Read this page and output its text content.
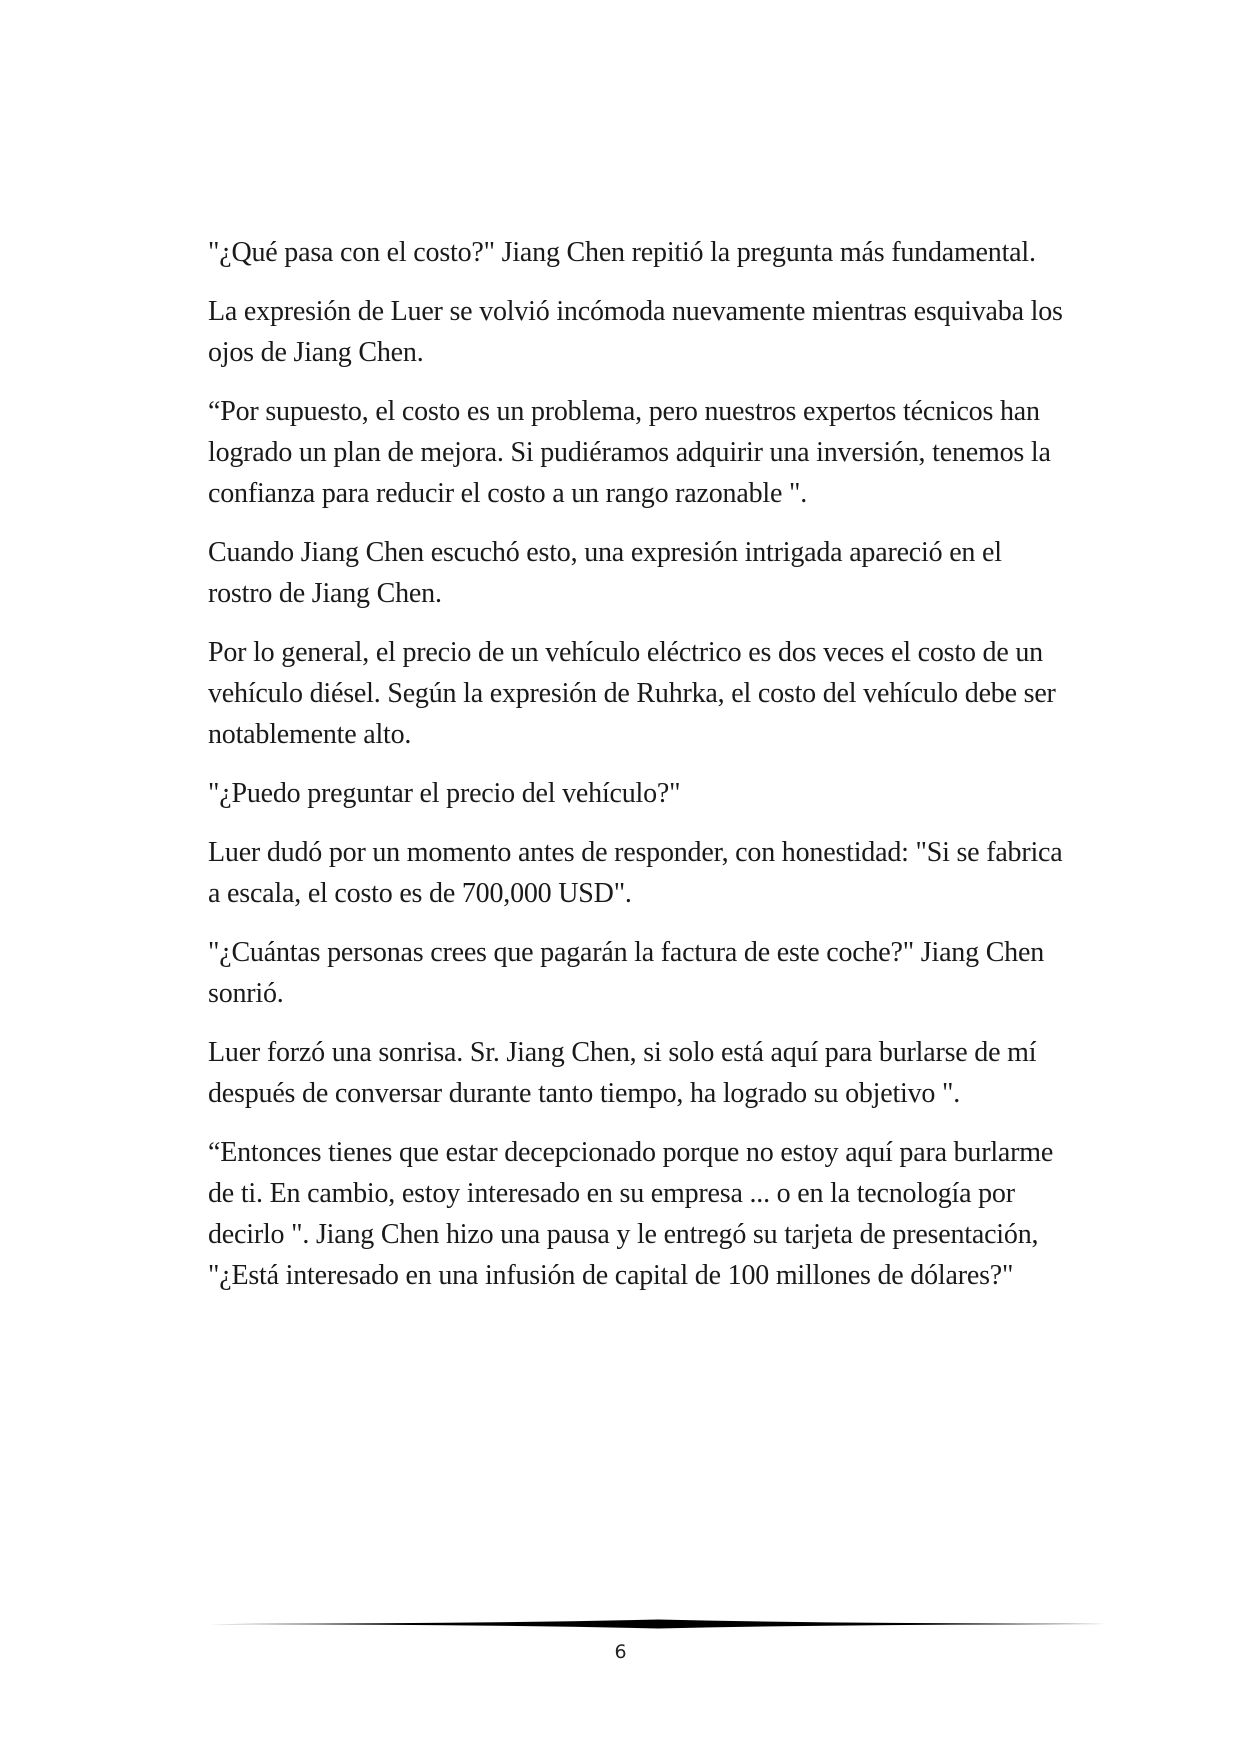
"¿Qué pasa con el costo?" Jiang Chen repitió la pregunta más fundamental.

La expresión de Luer se volvió incómoda nuevamente mientras esquivaba los ojos de Jiang Chen.

“Por supuesto, el costo es un problema, pero nuestros expertos técnicos han logrado un plan de mejora. Si pudiéramos adquirir una inversión, tenemos la confianza para reducir el costo a un rango razonable ".

Cuando Jiang Chen escuchó esto, una expresión intrigada apareció en el rostro de Jiang Chen.

Por lo general, el precio de un vehículo eléctrico es dos veces el costo de un vehículo diésel. Según la expresión de Ruhrka, el costo del vehículo debe ser notablemente alto.

"¿Puedo preguntar el precio del vehículo?"

Luer dudó por un momento antes de responder, con honestidad: "Si se fabrica a escala, el costo es de 700,000 USD".

"¿Cuántas personas crees que pagarán la factura de este coche?" Jiang Chen sonrió.

Luer forzó una sonrisa. Sr. Jiang Chen, si solo está aquí para burlarse de mí después de conversar durante tanto tiempo, ha logrado su objetivo ".

“Entonces tienes que estar decepcionado porque no estoy aquí para burlarme de ti. En cambio, estoy interesado en su empresa ... o en la tecnología por decirlo ". Jiang Chen hizo una pausa y le entregó su tarjeta de presentación, "¿Está interesado en una infusión de capital de 100 millones de dólares?"

6
